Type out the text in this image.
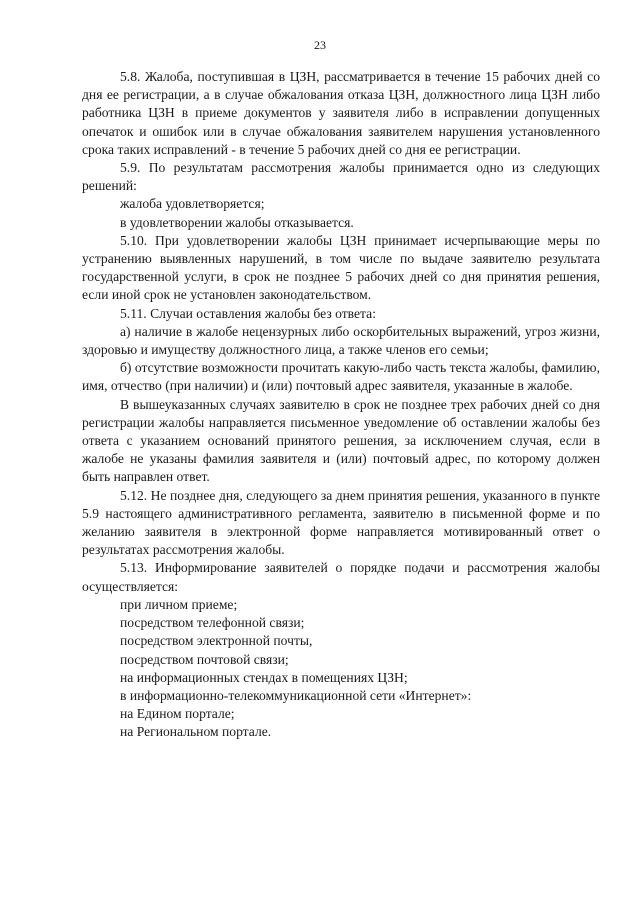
23

5.8. Жалоба, поступившая в ЦЗН, рассматривается в течение 15 рабочих дней со дня ее регистрации, а в случае обжалования отказа ЦЗН, должностного лица ЦЗН либо работника ЦЗН в приеме документов у заявителя либо в исправлении допущенных опечаток и ошибок или в случае обжалования заявителем нарушения установленного срока таких исправлений - в течение 5 рабочих дней со дня ее регистрации.

5.9. По результатам рассмотрения жалобы принимается одно из следующих решений:

жалоба удовлетворяется;

в удовлетворении жалобы отказывается.

5.10. При удовлетворении жалобы ЦЗН принимает исчерпывающие меры по устранению выявленных нарушений, в том числе по выдаче заявителю результата государственной услуги, в срок не позднее 5 рабочих дней со дня принятия решения, если иной срок не установлен законодательством.

5.11. Случаи оставления жалобы без ответа:

а) наличие в жалобе нецензурных либо оскорбительных выражений, угроз жизни, здоровью и имуществу должностного лица, а также членов его семьи;

б) отсутствие возможности прочитать какую-либо часть текста жалобы, фамилию, имя, отчество (при наличии) и (или) почтовый адрес заявителя, указанные в жалобе.

В вышеуказанных случаях заявителю в срок не позднее трех рабочих дней со дня регистрации жалобы направляется письменное уведомление об оставлении жалобы без ответа с указанием оснований принятого решения, за исключением случая, если в жалобе не указаны фамилия заявителя и (или) почтовый адрес, по которому должен быть направлен ответ.

5.12. Не позднее дня, следующего за днем принятия решения, указанного в пункте 5.9 настоящего административного регламента, заявителю в письменной форме и по желанию заявителя в электронной форме направляется мотивированный ответ о результатах рассмотрения жалобы.

5.13. Информирование заявителей о порядке подачи и рассмотрения жалобы осуществляется:

при личном приеме;

посредством телефонной связи;

посредством электронной почты,

посредством почтовой связи;

на информационных стендах в помещениях ЦЗН;

в информационно-телекоммуникационной сети «Интернет»:

на Едином портале;

на Региональном портале.
